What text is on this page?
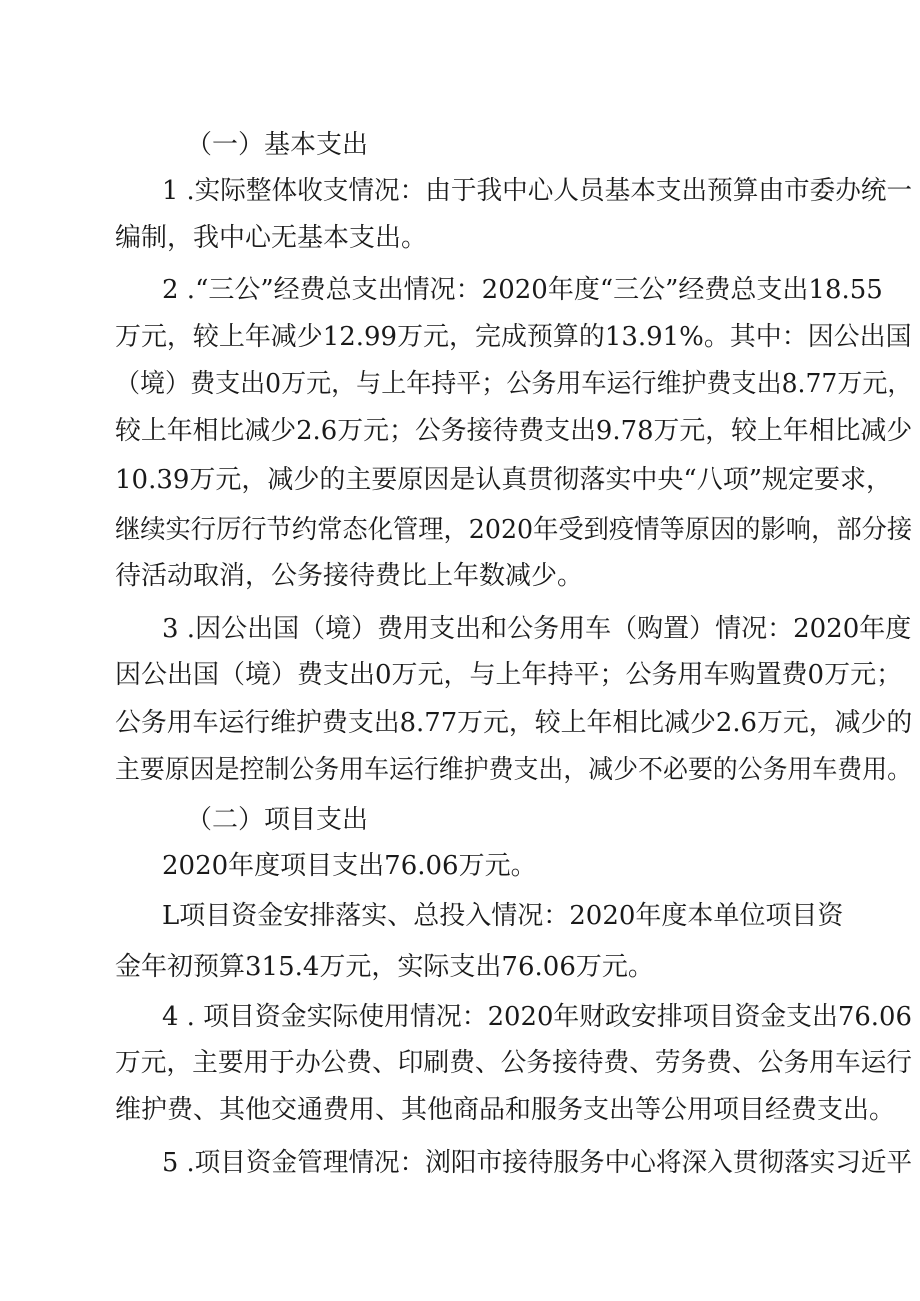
（一）基本支出

1 .实际整体收支情况：由于我中心人员基本支出预算由市委办统一

编制，我中心无基本支出。

2 .“三公”经费总支出情况：2020年度“三公”经费总支出18.55

万元，较上年减少12.99万元，完成预算的13.91%。其中：因公出国

（境）费支出0万元，与上年持平；公务用车运行维护费支出8.77万元，

较上年相比减少2.6万元；公务接待费支出9.78万元，较上年相比减少

10.39万元，减少的主要原因是认真贯彻落实中央“八项”规定要求，

继续实行厉行节约常态化管理，2020年受到疫情等原因的影响，部分接

待活动取消，公务接待费比上年数减少。

3 .因公出国（境）费用支出和公务用车（购置）情况：2020年度

因公出国（境）费支出0万元，与上年持平；公务用车购置费0万元；

公务用车运行维护费支出8.77万元，较上年相比减少2.6万元，减少的

主要原因是控制公务用车运行维护费支出，减少不必要的公务用车费用。

（二）项目支出

2020年度项目支出76.06万元。

L项目资金安排落实、总投入情况：2020年度本单位项目资

金年初预算315.4万元，实际支出76.06万元。

4 . 项目资金实际使用情况：2020年财政安排项目资金支出76.06

万元，主要用于办公费、印刷费、公务接待费、劳务费、公务用车运行

维护费、其他交通费用、其他商品和服务支出等公用项目经费支出。

5 .项目资金管理情况：浏阳市接待服务中心将深入贯彻落实习近平
